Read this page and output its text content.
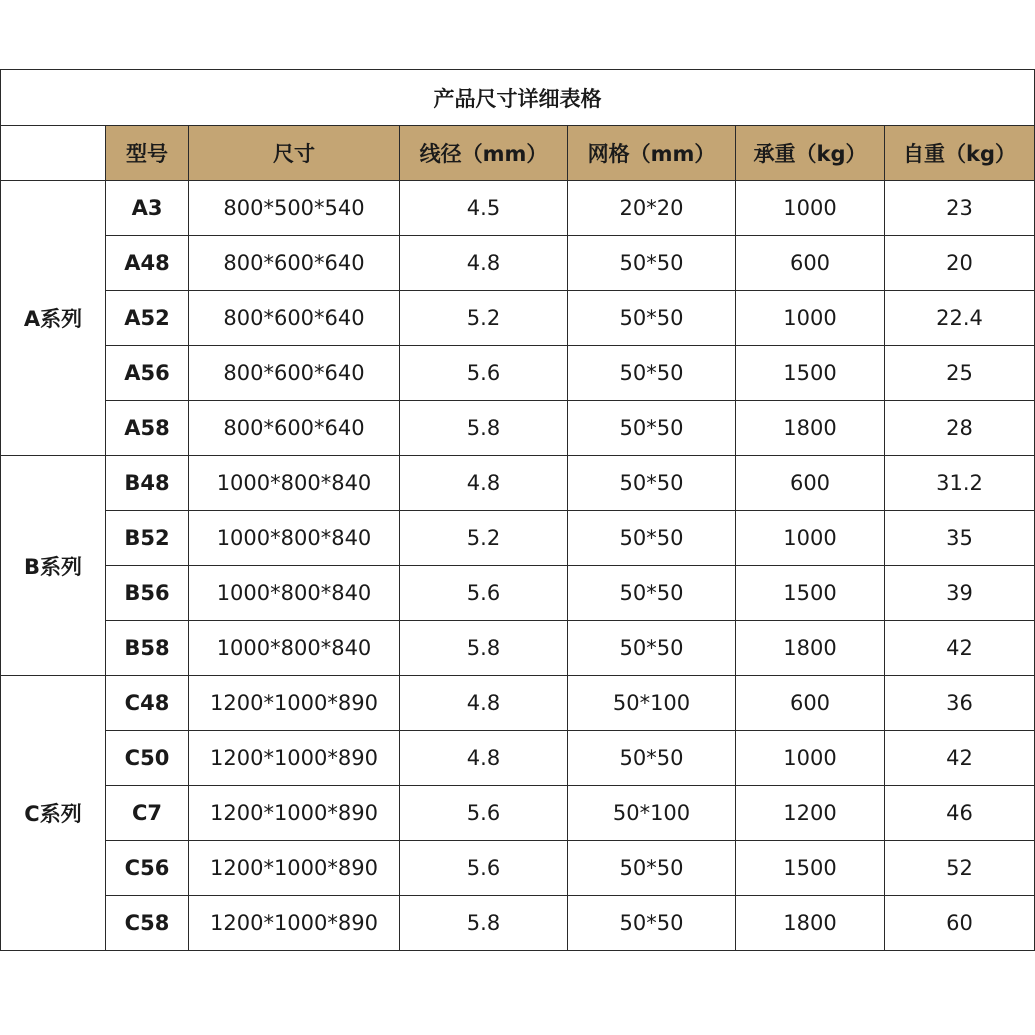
产品尺寸详细表格						
	型号	尺寸	线径（mm）	网格（mm）	承重（kg）	自重（kg）
A系列	A3	800*500*540	4.5	20*20	1000	23
	A48	800*600*640	4.8	50*50	600	20
	A52	800*600*640	5.2	50*50	1000	22.4
	A56	800*600*640	5.6	50*50	1500	25
	A58	800*600*640	5.8	50*50	1800	28
B系列	B48	1000*800*840	4.8	50*50	600	31.2
	B52	1000*800*840	5.2	50*50	1000	35
	B56	1000*800*840	5.6	50*50	1500	39
	B58	1000*800*840	5.8	50*50	1800	42
C系列	C48	1200*1000*890	4.8	50*100	600	36
	C50	1200*1000*890	4.8	50*50	1000	42
	C7	1200*1000*890	5.6	50*100	1200	46
	C56	1200*1000*890	5.6	50*50	1500	52
	C58	1200*1000*890	5.8	50*50	1800	60
